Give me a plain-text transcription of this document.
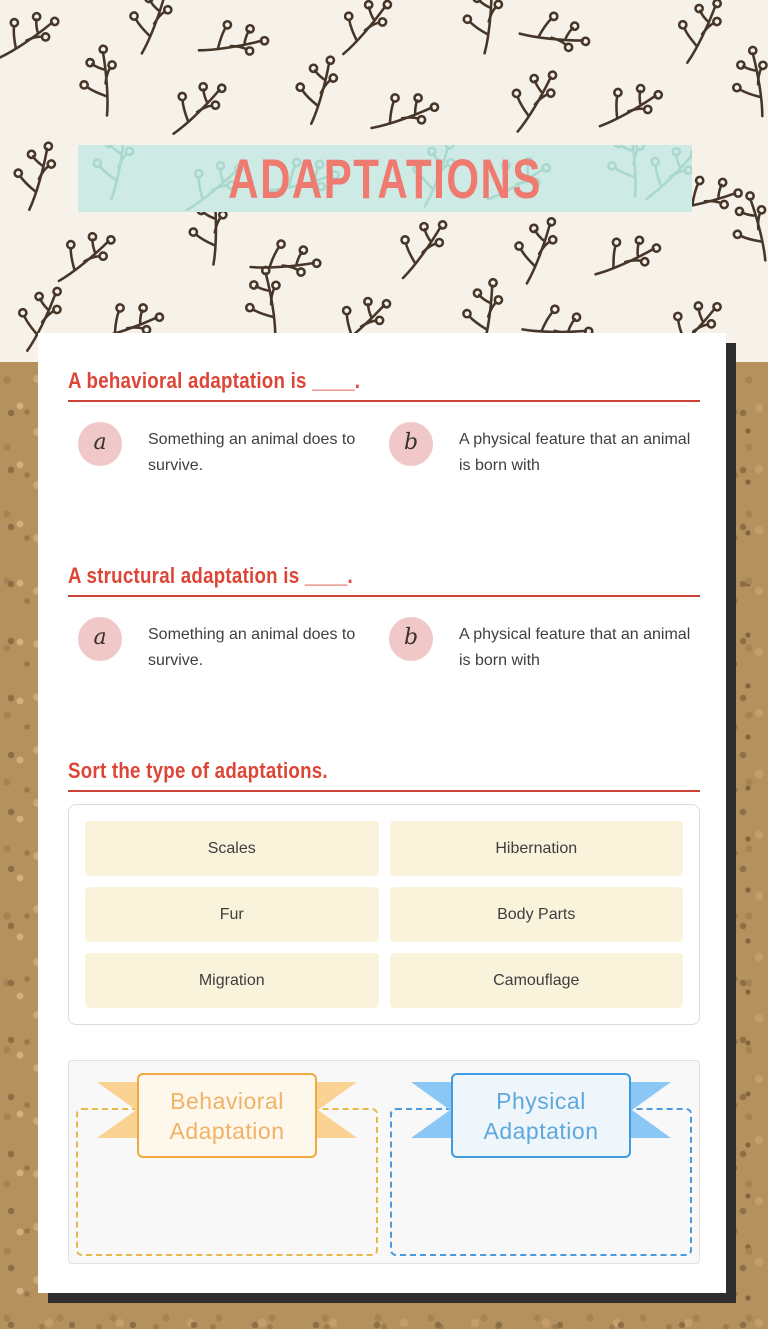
ADAPTATIONS
A behavioral adaptation is ____.
a	Something an animal does to survive.

b	A physical feature that an animal is born with

A structural adaptation is ____.
a	Something an animal does to survive.

b	A physical feature that an animal is born with

Sort the type of adaptations.
Scales	Hibernation
Fur	Body Parts
Migration	Camouflage
Behavioral Adaptation
Physical Adaptation
